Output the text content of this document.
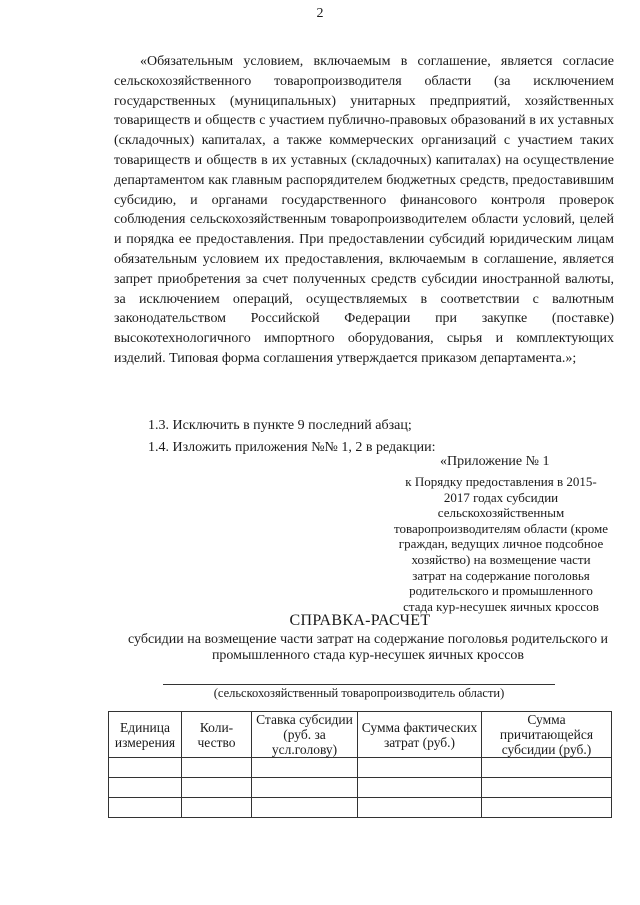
2

«Обязательным условием, включаемым в соглашение, является согласие сельскохозяйственного товаропроизводителя области (за исключением государственных (муниципальных) унитарных предприятий, хозяйственных товариществ и обществ с участием публично-правовых образований в их уставных (складочных) капиталах, а также коммерческих организаций с участием таких товариществ и обществ в их уставных (складочных) капиталах) на осуществление департаментом как главным распорядителем бюджетных средств, предоставившим субсидию, и органами государственного финансового контроля проверок соблюдения сельскохозяйственным товаропроизводителем области условий, целей и порядка ее предоставления. При предоставлении субсидий юридическим лицам обязательным условием их предоставления, включаемым в соглашение, является запрет приобретения за счет полученных средств субсидии иностранной валюты, за исключением операций, осуществляемых в соответствии с валютным законодательством Российской Федерации при закупке (поставке) высокотехнологичного импортного оборудования, сырья и комплектующих изделий. Типовая форма соглашения утверждается приказом департамента.»;

1.3. Исключить в пункте 9 последний абзац;

1.4. Изложить приложения №№ 1, 2 в редакции:

«Приложение № 1

к Порядку предоставления в 2015-2017 годах субсидии сельскохозяйственным товаропроизводителям области (кроме граждан, ведущих личное подсобное хозяйство) на возмещение части затрат на содержание поголовья родительского и промышленного стада кур-несушек яичных кроссов

СПРАВКА-РАСЧЕТ

субсидии на возмещение части затрат на содержание поголовья родительского и промышленного стада кур-несушек яичных кроссов

(сельскохозяйственный товаропроизводитель области)

Единица измерения	Коли-чество	Ставка субсидии (руб. за усл.голову)	Сумма фактических затрат (руб.)	Сумма причитающейся субсидии (руб.)
